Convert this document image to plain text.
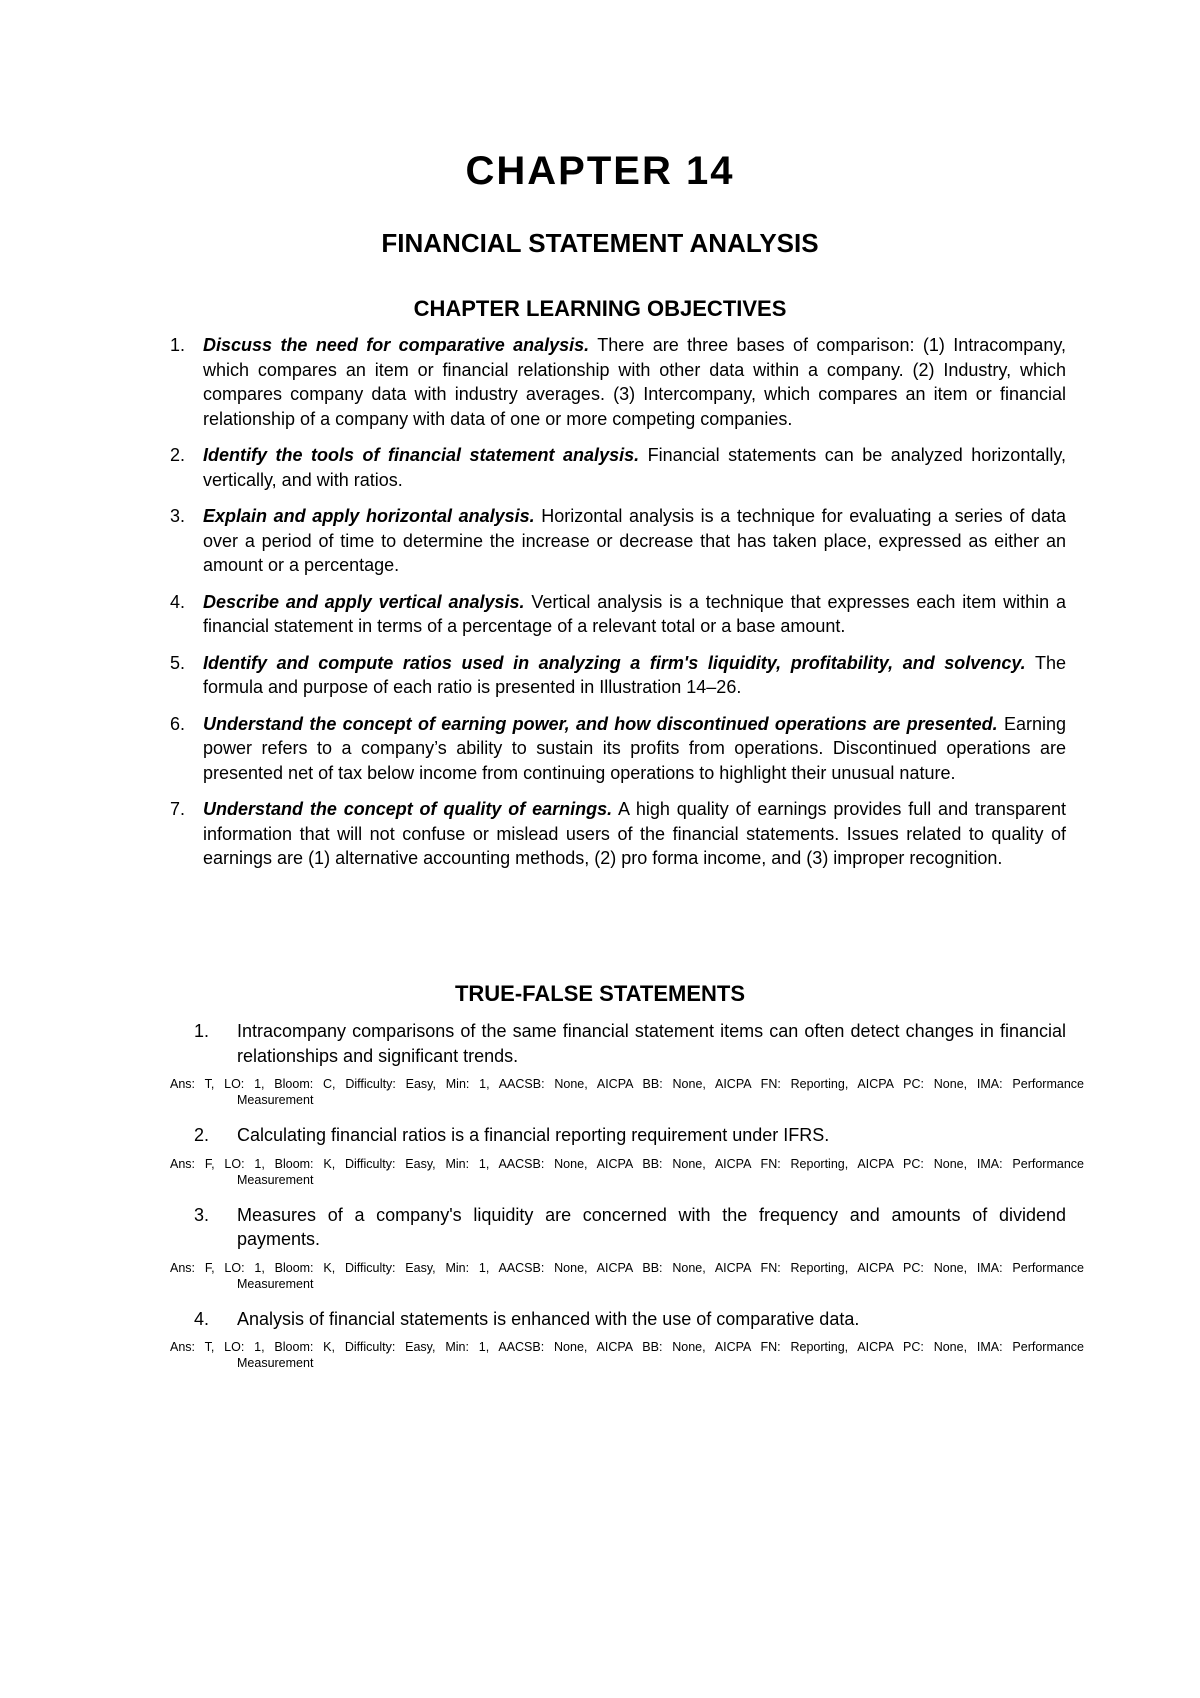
CHAPTER 14
FINANCIAL STATEMENT ANALYSIS
CHAPTER LEARNING OBJECTIVES
1. Discuss the need for comparative analysis. There are three bases of comparison: (1) Intracompany, which compares an item or financial relationship with other data within a company. (2) Industry, which compares company data with industry averages. (3) Intercompany, which compares an item or financial relationship of a company with data of one or more competing companies.
2. Identify the tools of financial statement analysis. Financial statements can be analyzed horizontally, vertically, and with ratios.
3. Explain and apply horizontal analysis. Horizontal analysis is a technique for evaluating a series of data over a period of time to determine the increase or decrease that has taken place, expressed as either an amount or a percentage.
4. Describe and apply vertical analysis. Vertical analysis is a technique that expresses each item within a financial statement in terms of a percentage of a relevant total or a base amount.
5. Identify and compute ratios used in analyzing a firm's liquidity, profitability, and solvency. The formula and purpose of each ratio is presented in Illustration 14–26.
6. Understand the concept of earning power, and how discontinued operations are presented. Earning power refers to a company’s ability to sustain its profits from operations. Discontinued operations are presented net of tax below income from continuing operations to highlight their unusual nature.
7. Understand the concept of quality of earnings. A high quality of earnings provides full and transparent information that will not confuse or mislead users of the financial statements. Issues related to quality of earnings are (1) alternative accounting methods, (2) pro forma income, and (3) improper recognition.
TRUE-FALSE STATEMENTS
1. Intracompany comparisons of the same financial statement items can often detect changes in financial relationships and significant trends.
Ans: T, LO: 1, Bloom: C, Difficulty: Easy, Min: 1, AACSB: None, AICPA BB: None, AICPA FN: Reporting, AICPA PC: None, IMA: Performance
Measurement
2. Calculating financial ratios is a financial reporting requirement under IFRS.
Ans: F, LO: 1, Bloom: K, Difficulty: Easy, Min: 1, AACSB: None, AICPA BB: None, AICPA FN: Reporting, AICPA PC: None, IMA: Performance
Measurement
3. Measures of a company's liquidity are concerned with the frequency and amounts of dividend payments.
Ans: F, LO: 1, Bloom: K, Difficulty: Easy, Min: 1, AACSB: None, AICPA BB: None, AICPA FN: Reporting, AICPA PC: None, IMA: Performance
Measurement
4. Analysis of financial statements is enhanced with the use of comparative data.
Ans: T, LO: 1, Bloom: K, Difficulty: Easy, Min: 1, AACSB: None, AICPA BB: None, AICPA FN: Reporting, AICPA PC: None, IMA: Performance
Measurement
